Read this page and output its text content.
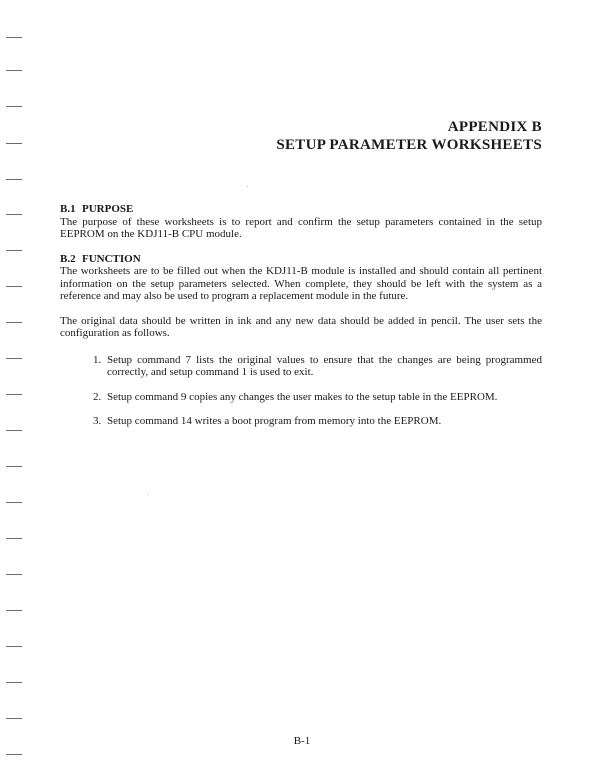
APPENDIX B
SETUP PARAMETER WORKSHEETS
B.1 PURPOSE

The purpose of these worksheets is to report and confirm the setup parameters contained in the setup EEPROM on the KDJ11-B CPU module.

B.2 FUNCTION

The worksheets are to be filled out when the KDJ11-B module is installed and should contain all pertinent information on the setup parameters selected. When complete, they should be left with the system as a reference and may also be used to program a replacement module in the future.

The original data should be written in ink and any new data should be added in pencil. The user sets the configuration as follows.

1. Setup command 7 lists the original values to ensure that the changes are being programmed correctly, and setup command 1 is used to exit.
2. Setup command 9 copies any changes the user makes to the setup table in the EEPROM.
3. Setup command 14 writes a boot program from memory into the EEPROM.
B-1
